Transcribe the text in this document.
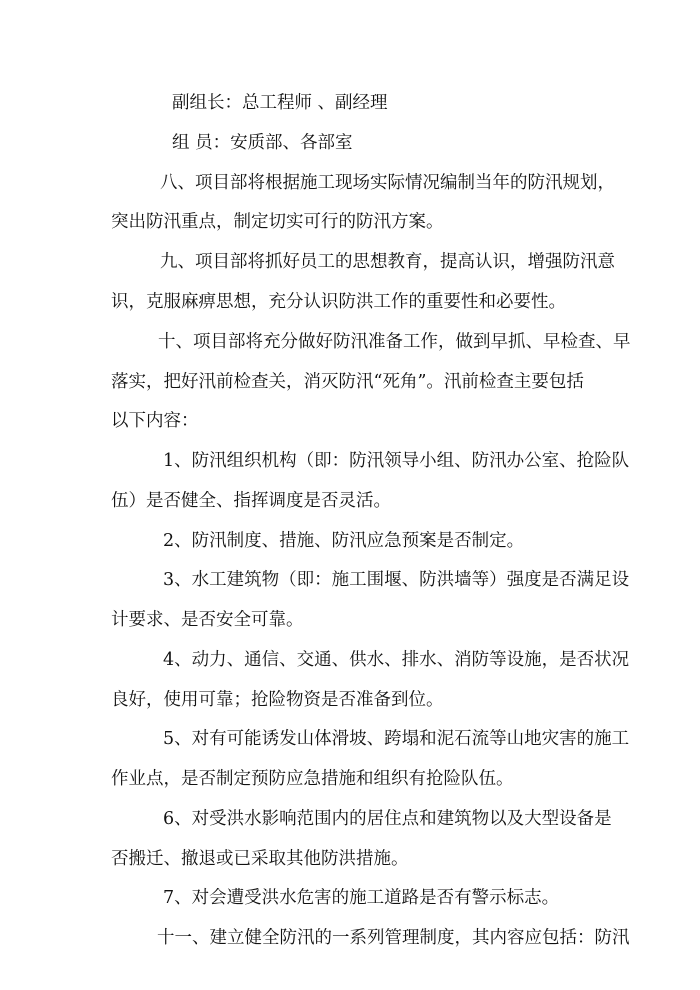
副组长：总工程师 、副经理
组 员：安质部、各部室
八、项目部将根据施工现场实际情况编制当年的防汛规划，
突出防汛重点，制定切实可行的防汛方案。
九、项目部将抓好员工的思想教育，提高认识，增强防汛意
识，克服麻痹思想，充分认识防洪工作的重要性和必要性。
十、项目部将充分做好防汛准备工作，做到早抓、早检查、早
落实，把好汛前检查关，消灭防汛“死角”。汛前检查主要包括
以下内容：
1、防汛组织机构（即：防汛领导小组、防汛办公室、抢险队
伍）是否健全、指挥调度是否灵活。
2、防汛制度、措施、防汛应急预案是否制定。
3、水工建筑物（即：施工围堰、防洪墙等）强度是否满足设
计要求、是否安全可靠。
4、动力、通信、交通、供水、排水、消防等设施，是否状况
良好，使用可靠；抢险物资是否准备到位。
5、对有可能诱发山体滑坡、跨塌和泥石流等山地灾害的施工
作业点，是否制定预防应急措施和组织有抢险队伍。
6、对受洪水影响范围内的居住点和建筑物以及大型设备是
否搬迁、撤退或已采取其他防洪措施。
7、对会遭受洪水危害的施工道路是否有警示标志。
十一、建立健全防汛的一系列管理制度，其内容应包括：防汛
